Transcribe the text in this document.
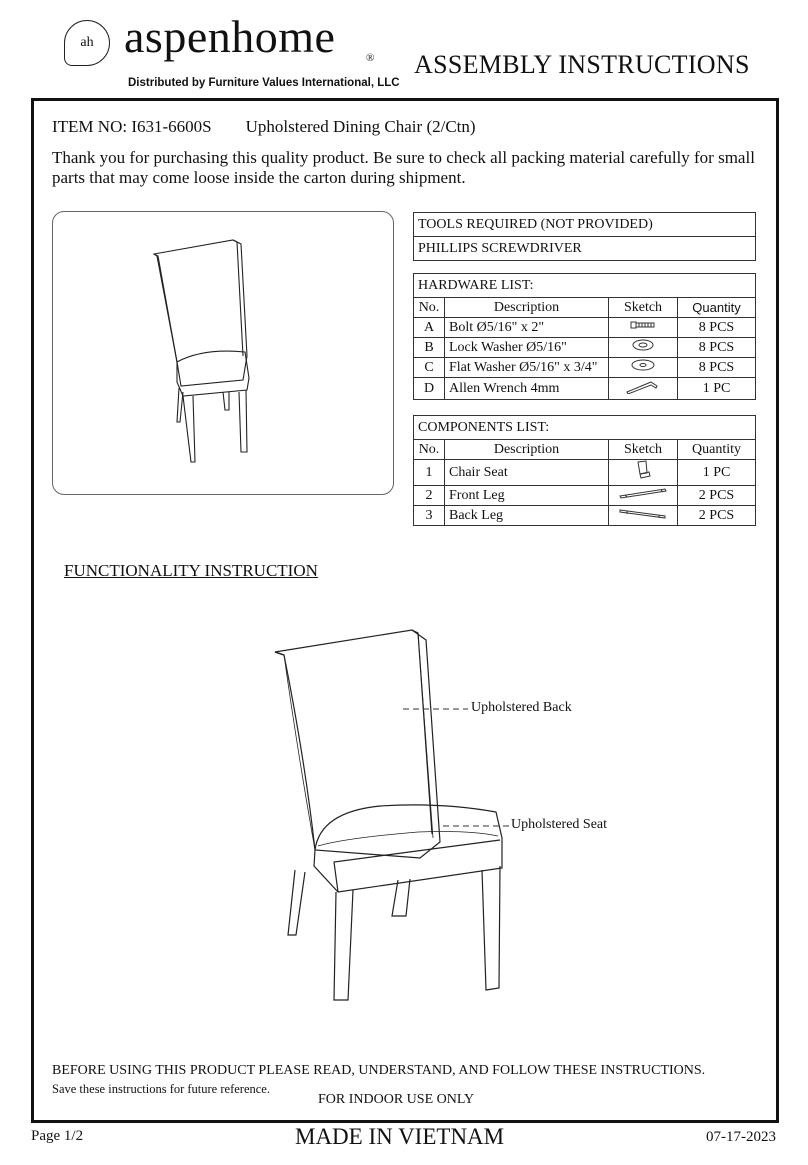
ah aspenhome	®
Distributed by Furniture Values International, LLC
ASSEMBLY INSTRUCTIONS
ITEM NO: I631-6600S Upholstered Dining Chair (2/Ctn)
Thank you for purchasing this quality product. Be sure to check all packing material carefully for small parts that may come loose inside the carton during shipment.
TOOLS REQUIRED (NOT PROVIDED)
PHILLIPS SCREWDRIVER
HARDWARE LIST:			
No.	Description	Sketch	Quantity
A	Bolt Ø5/16" x 2"		8 PCS
B	Lock Washer Ø5/16"		8 PCS
C	Flat Washer Ø5/16" x 3/4"		8 PCS
D	Allen Wrench 4mm		1 PC
COMPONENTS LIST:			
No.	Description	Sketch	Quantity
1	Chair Seat		1 PC
2	Front Leg		2 PCS
3	Back Leg		2 PCS
FUNCTIONALITY INSTRUCTION
Upholstered Back
Upholstered Seat
BEFORE USING THIS PRODUCT PLEASE READ, UNDERSTAND, AND FOLLOW THESE INSTRUCTIONS.
Save these instructions for future reference.
FOR INDOOR USE ONLY
Page 1/2	MADE IN VIETNAM	07-17-2023
